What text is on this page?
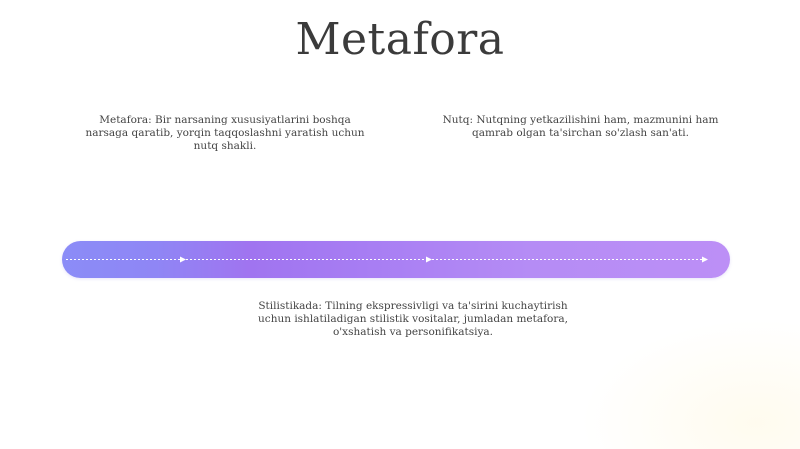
Metafora
Metafora: Bir narsaning xususiyatlarini boshqa narsaga qaratib, yorqin taqqoslashni yaratish uchun nutq shakli.
Nutq: Nutqning yetkazilishini ham, mazmunini ham qamrab olgan ta'sirchan so'zlash san'ati.
Stilistikada: Tilning ekspressivligi va ta'sirini kuchaytirish uchun ishlatiladigan stilistik vositalar, jumladan metafora, o'xshatish va personifikatsiya.
